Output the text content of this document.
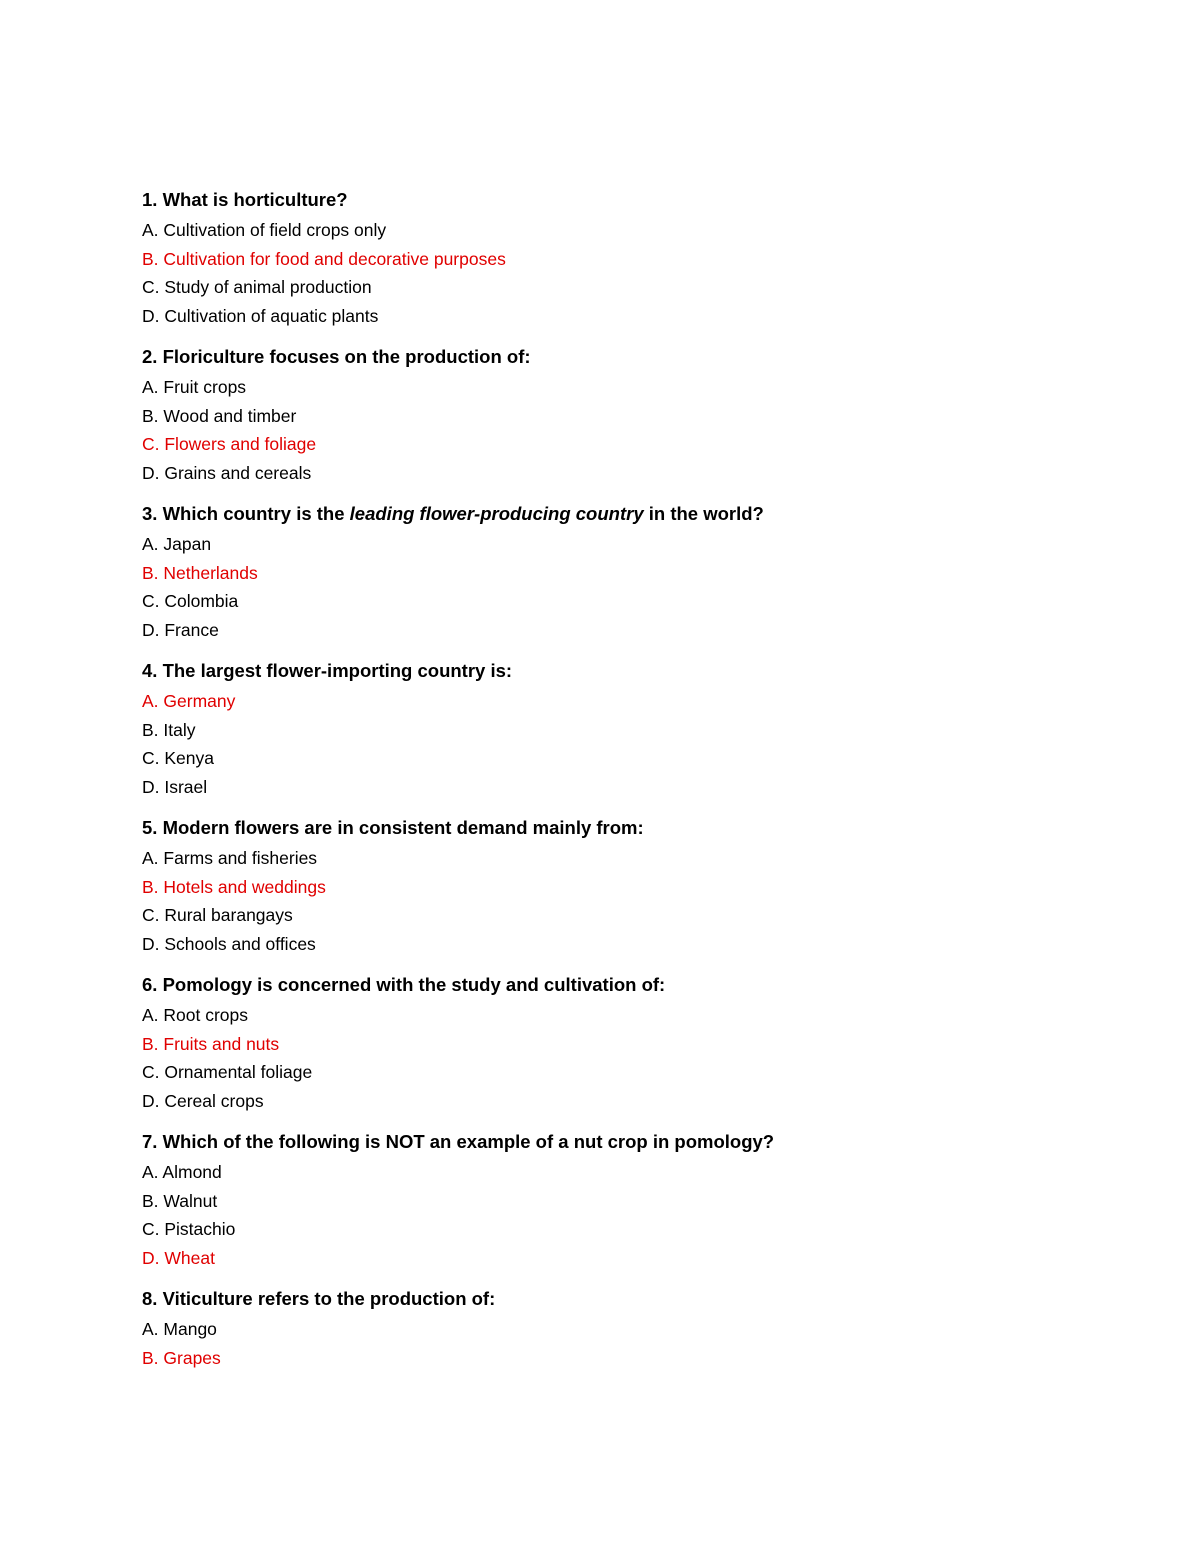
1. What is horticulture?
A. Cultivation of field crops only
B. Cultivation for food and decorative purposes
C. Study of animal production
D. Cultivation of aquatic plants
2. Floriculture focuses on the production of:
A. Fruit crops
B. Wood and timber
C. Flowers and foliage
D. Grains and cereals
3. Which country is the leading flower-producing country in the world?
A. Japan
B. Netherlands
C. Colombia
D. France
4. The largest flower-importing country is:
A. Germany
B. Italy
C. Kenya
D. Israel
5. Modern flowers are in consistent demand mainly from:
A. Farms and fisheries
B. Hotels and weddings
C. Rural barangays
D. Schools and offices
6. Pomology is concerned with the study and cultivation of:
A. Root crops
B. Fruits and nuts
C. Ornamental foliage
D. Cereal crops
7. Which of the following is NOT an example of a nut crop in pomology?
A. Almond
B. Walnut
C. Pistachio
D. Wheat
8. Viticulture refers to the production of:
A. Mango
B. Grapes
